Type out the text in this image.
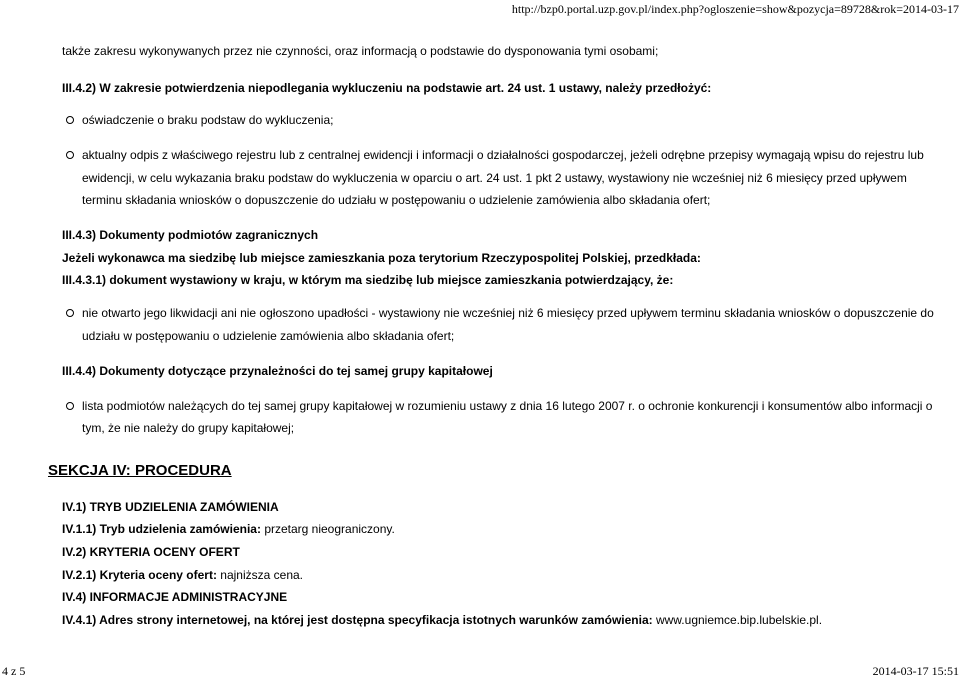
http://bzp0.portal.uzp.gov.pl/index.php?ogloszenie=show&pozycja=89728&rok=2014-03-17
także zakresu wykonywanych przez nie czynności, oraz informacją o podstawie do dysponowania tymi osobami;
III.4.2) W zakresie potwierdzenia niepodlegania wykluczeniu na podstawie art. 24 ust. 1 ustawy, należy przedłożyć:
oświadczenie o braku podstaw do wykluczenia;
aktualny odpis z właściwego rejestru lub z centralnej ewidencji i informacji o działalności gospodarczej, jeżeli odrębne przepisy wymagają wpisu do rejestru lub
ewidencji, w celu wykazania braku podstaw do wykluczenia w oparciu o art. 24 ust. 1 pkt 2 ustawy, wystawiony nie wcześniej niż 6 miesięcy przed upływem
terminu składania wniosków o dopuszczenie do udziału w postępowaniu o udzielenie zamówienia albo składania ofert;
III.4.3) Dokumenty podmiotów zagranicznych
Jeżeli wykonawca ma siedzibę lub miejsce zamieszkania poza terytorium Rzeczypospolitej Polskiej, przedkłada:
III.4.3.1) dokument wystawiony w kraju, w którym ma siedzibę lub miejsce zamieszkania potwierdzający, że:
nie otwarto jego likwidacji ani nie ogłoszono upadłości - wystawiony nie wcześniej niż 6 miesięcy przed upływem terminu składania wniosków o dopuszczenie do
udziału w postępowaniu o udzielenie zamówienia albo składania ofert;
III.4.4) Dokumenty dotyczące przynależności do tej samej grupy kapitałowej
lista podmiotów należących do tej samej grupy kapitałowej w rozumieniu ustawy z dnia 16 lutego 2007 r. o ochronie konkurencji i konsumentów albo informacji o
tym, że nie należy do grupy kapitałowej;
SEKCJA IV: PROCEDURA
IV.1) TRYB UDZIELENIA ZAMÓWIENIA
IV.1.1) Tryb udzielenia zamówienia: przetarg nieograniczony.
IV.2) KRYTERIA OCENY OFERT
IV.2.1) Kryteria oceny ofert: najniższa cena.
IV.4) INFORMACJE ADMINISTRACYJNE
IV.4.1) Adres strony internetowej, na której jest dostępna specyfikacja istotnych warunków zamówienia: www.ugniemce.bip.lubelskie.pl.
4 z 5	2014-03-17 15:51
